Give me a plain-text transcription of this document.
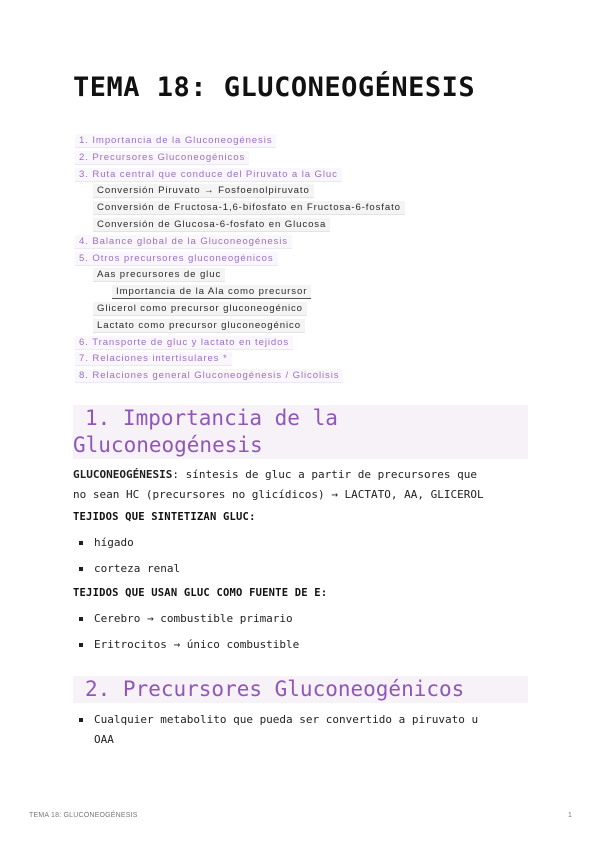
TEMA 18: GLUCONEOGÉNESIS
1. Importancia de la Gluconeogénesis
2. Precursores Gluconeogénicos
3. Ruta central que conduce del Piruvato a la Gluc
Conversión Piruvato → Fosfoenolpiruvato
Conversión de Fructosa-1,6-bifosfato en Fructosa-6-fosfato
Conversión de Glucosa-6-fosfato en Glucosa
4. Balance global de la Gluconeogénesis
5. Otros precursores gluconeogénicos
Aas precursores de gluc
Importancia de la Ala como precursor
Glicerol como precursor gluconeogénico
Lactato como precursor gluconeogénico
6. Transporte de gluc y lactato en tejidos
7. Relaciones intertisulares *
8. Relaciones general Gluconeogénesis / Glicolisis
1. Importancia de la
Gluconeogénesis

GLUCONEOGÉNESIS: síntesis de gluc a partir de precursores que
no sean HC (precursores no glicídicos) → LACTATO, AA, GLICEROL

TEJIDOS QUE SINTETIZAN GLUC:

hígado
corteza renal

TEJIDOS QUE USAN GLUC COMO FUENTE DE E:

Cerebro → combustible primario
Eritrocitos → único combustible
2. Precursores Gluconeogénicos
Cualquier metabolito que pueda ser convertido a piruvato u
OAA
TEMA 18: GLUCONEOGÉNESIS	1
